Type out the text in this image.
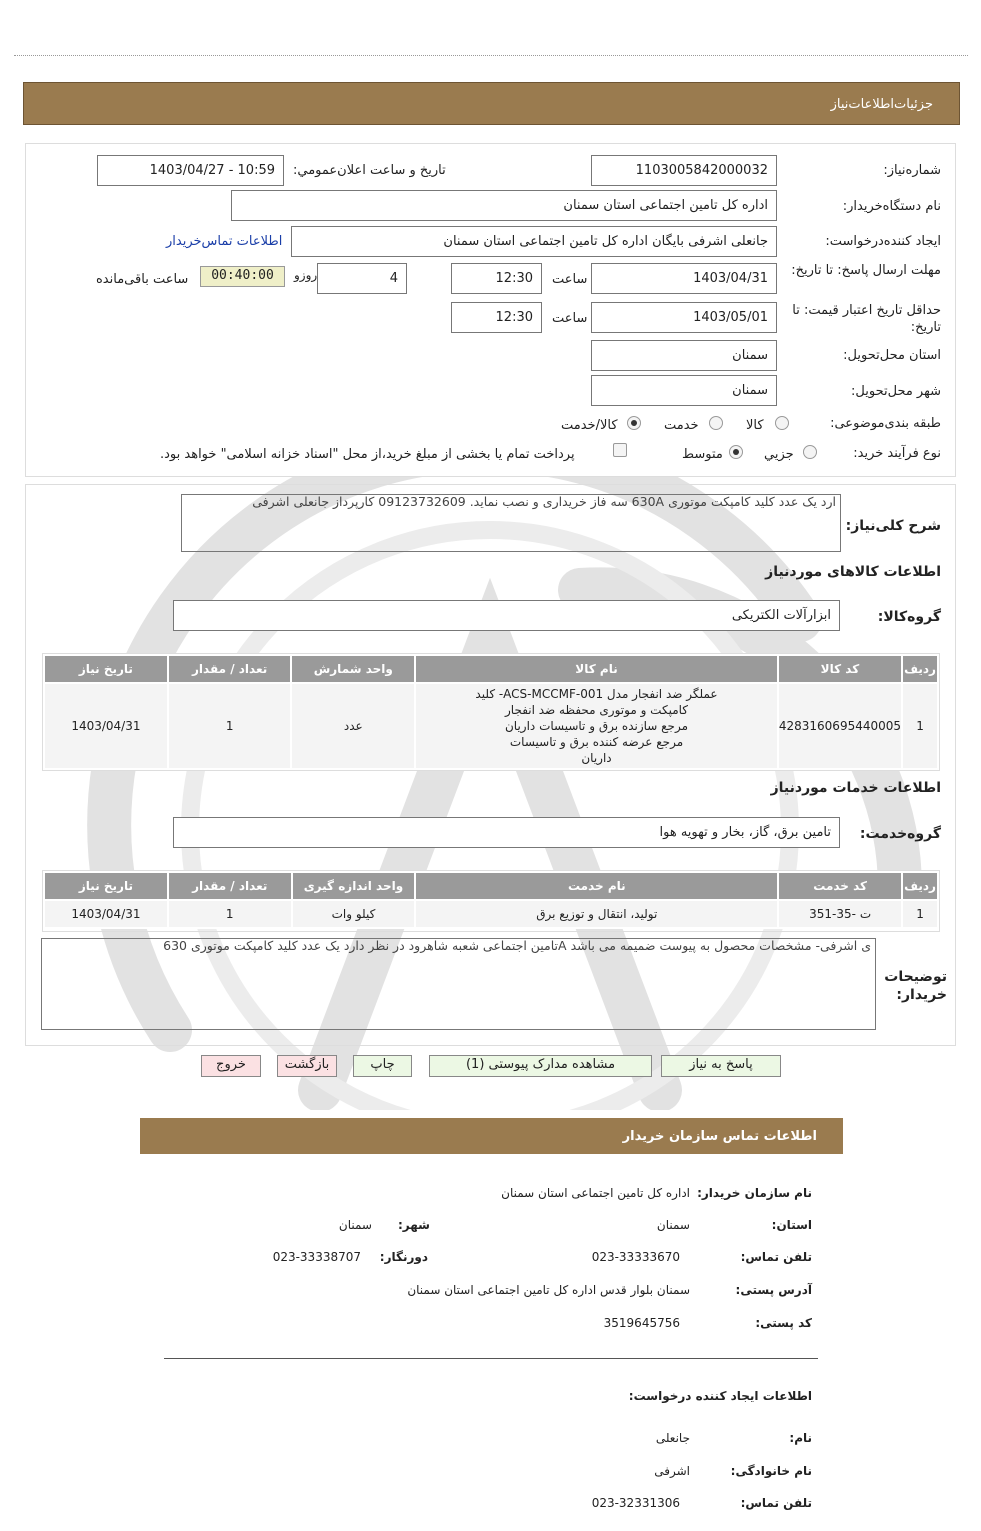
جزئیات‌اطلاعات‌نیاز
شماره‌نیاز:
1103005842000032
تاریخ و ساعت اعلان‌عمومي:
1403/04/27 - 10:59
نام دستگاه‌خریدار:
اداره کل تامین اجتماعی استان سمنان
ایجاد کننده‌درخواست:
جانعلی اشرفی بایگان اداره کل تامین اجتماعی استان سمنان
اطلاعات تماس‌خریدار
مهلت ارسال پاسخ: تا تاریخ:
1403/04/31
ساعت
12:30
4
روزو
00:40:00
ساعت باقی‌مانده
حداقل تاریخ اعتبار قیمت: تا تاریخ:
1403/05/01
ساعت
12:30
استان محل‌تحویل:
سمنان
شهر محل‌تحویل:
سمنان
طبقه بندی‌موضوعی:
کالا
خدمت
کالا/خدمت
نوع فرآیند خرید:
جزيي
متوسط
پرداخت تمام یا بخشی از مبلغ خرید،از محل "اسناد خزانه اسلامی" خواهد بود.
شرح کلی‌نیاز:
ارد یک عدد کلید کامپکت موتوری 630A سه فاز خریداری و نصب نماید. 09123732609 کارپرداز جانعلی اشرفی
اطلاعات کالاهای موردنیاز
گروه‌کالا:
ابزارآلات الکتریکی
ردیف	کد کالا	نام کالا	واحد شمارش	تعداد / مقدار	تاریخ نیاز
1	4283160695440005	عملگر ضد انفجار مدل ACS-MCCMF-001- کلید
کامپکت و موتوری محفظه ضد انفجار
مرجع سازنده برق و تاسیسات داریان
مرجع عرضه کننده برق و تاسیسات
داریان	عدد	1	1403/04/31
اطلاعات خدمات موردنیاز
گروه‌خدمت:
تامین برق، گاز، بخار و تهویه هوا
ردیف	کد خدمت	نام خدمت	واحد اندازه گیری	تعداد / مقدار	تاریخ نیاز
1	ت -35-351	تولید، انتقال و توزیع برق	کیلو وات	1	1403/04/31
توضیحات خریدار:
ی اشرفی- مشخصات محصول به پیوست ضمیمه می باشد Aتامین اجتماعی شعبه شاهرود در نظر دارد یک عدد کلید کامپکت موتوری 630
پاسخ به نیاز
مشاهده مدارک پیوستی (1)
چاپ
بازگشت
خروج
اطلاعات تماس سازمان خریدار
نام سازمان خریدار:
اداره کل تامین اجتماعی استان سمنان
استان:
سمنان
شهر:
سمنان
تلفن تماس:
023-33333670
دورنگار:
023-33338707
آدرس پستی:
سمنان بلوار قدس اداره کل تامین اجتماعی استان سمنان
کد پستی:
3519645756
اطلاعات ایجاد کننده درخواست:
نام:
جانعلی
نام خانوادگی:
اشرفی
تلفن تماس:
023-32331306
